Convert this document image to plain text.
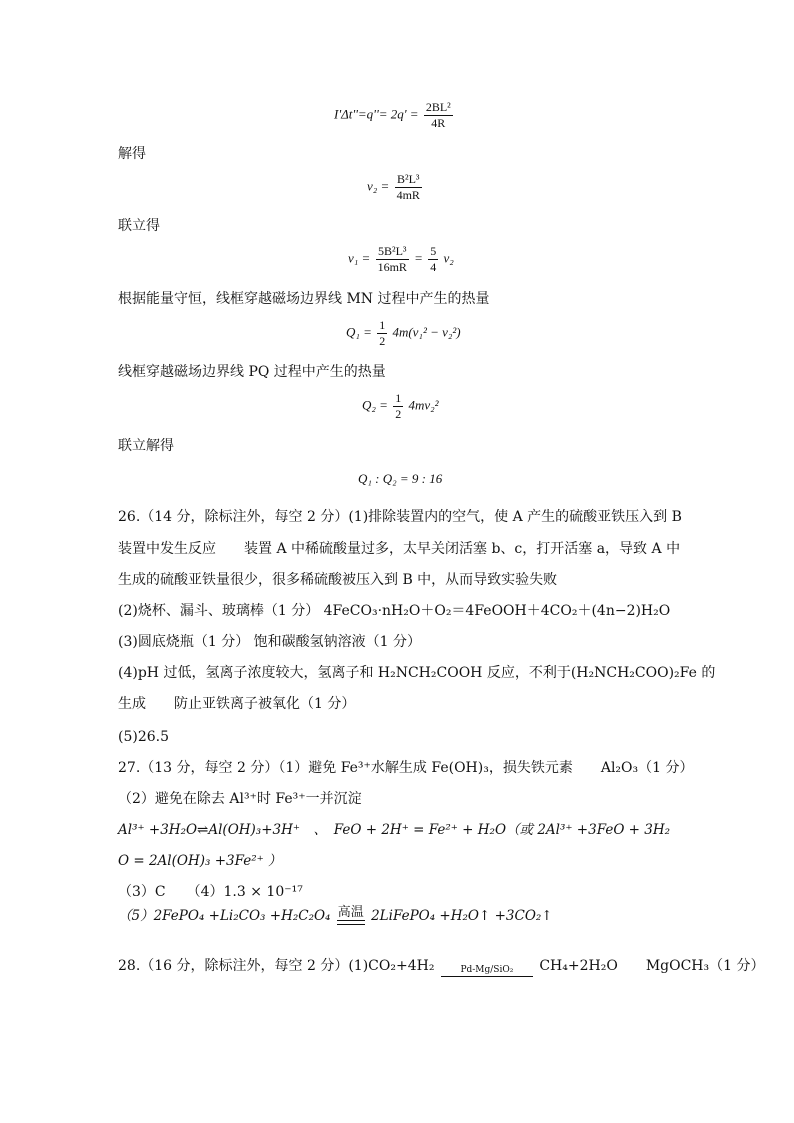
$I'\Delta t''=q''= 2q' = \frac{\text{2BL²}}{4R}$
解得
$v_2 = \frac{\text{B²L³}}{4mR}$
联立得
$v_1 = \frac{\text{5B²L³}}{16mR} = \frac{5}{4} v_2$
根据能量守恒，线框穿越磁场边界线 MN 过程中产生的热量
$Q_1 = \frac{1}{2} 4m(v_1^2 - v_2^2)$
线框穿越磁场边界线 PQ 过程中产生的热量
$Q_2 = \frac{1}{2} 4mv_2^2$
联立解得
Q₁ : Q₂ = 9 : 16
26.（14 分，除标注外，每空 2 分）(1)排除装置内的空气，使 A 产生的硫酸亚铁压入到 B
装置中发生反应　　装置 A 中稀硫酸量过多，太早关闭活塞 b、c，打开活塞 a，导致 A 中
生成的硫酸亚铁量很少，很多稀硫酸被压入到 B 中，从而导致实验失败
(2)烧杯、漏斗、玻璃棒（1 分） 4FeCO₃·nH₂O＋O₂＝4FeOOH＋4CO₂＋(4n−2)H₂O
(3)圆底烧瓶（1 分） 饱和碳酸氢钠溶液（1 分）
(4)pH 过低，氢离子浓度较大，氢离子和 H₂NCH₂COOH 反应，不利于(H₂NCH₂COO)₂Fe 的
生成　　防止亚铁离子被氧化（1 分）
(5)26.5
27.（13 分，每空 2 分）（1）避免 Fe³⁺水解生成 Fe(OH)₃，损失铁元素　　Al₂O₃（1 分）
（2）避免在除去 Al³⁺时 Fe³⁺一并沉淀
Al³⁺ +3H₂O⇌Al(OH)₃+3H⁺　、　FeO + 2H⁺ = Fe²⁺ + H₂O（或 2Al³⁺ +3FeO + 3H₂
O = 2Al(OH)₃ +3Fe²⁺ ）
（3）C　　（4）1.3 × 10⁻¹⁷
（5）2FePO₄ +Li₂CO₃ +H₂C₂O₄ 高温 2LiFePO₄ +H₂O↑ +3CO₂↑
28.（16 分，除标注外，每空 2 分）(1)CO₂+4H₂	Pd-Mg/SiO₂ CH₄+2H₂O　　MgOCH₃（1 分）
